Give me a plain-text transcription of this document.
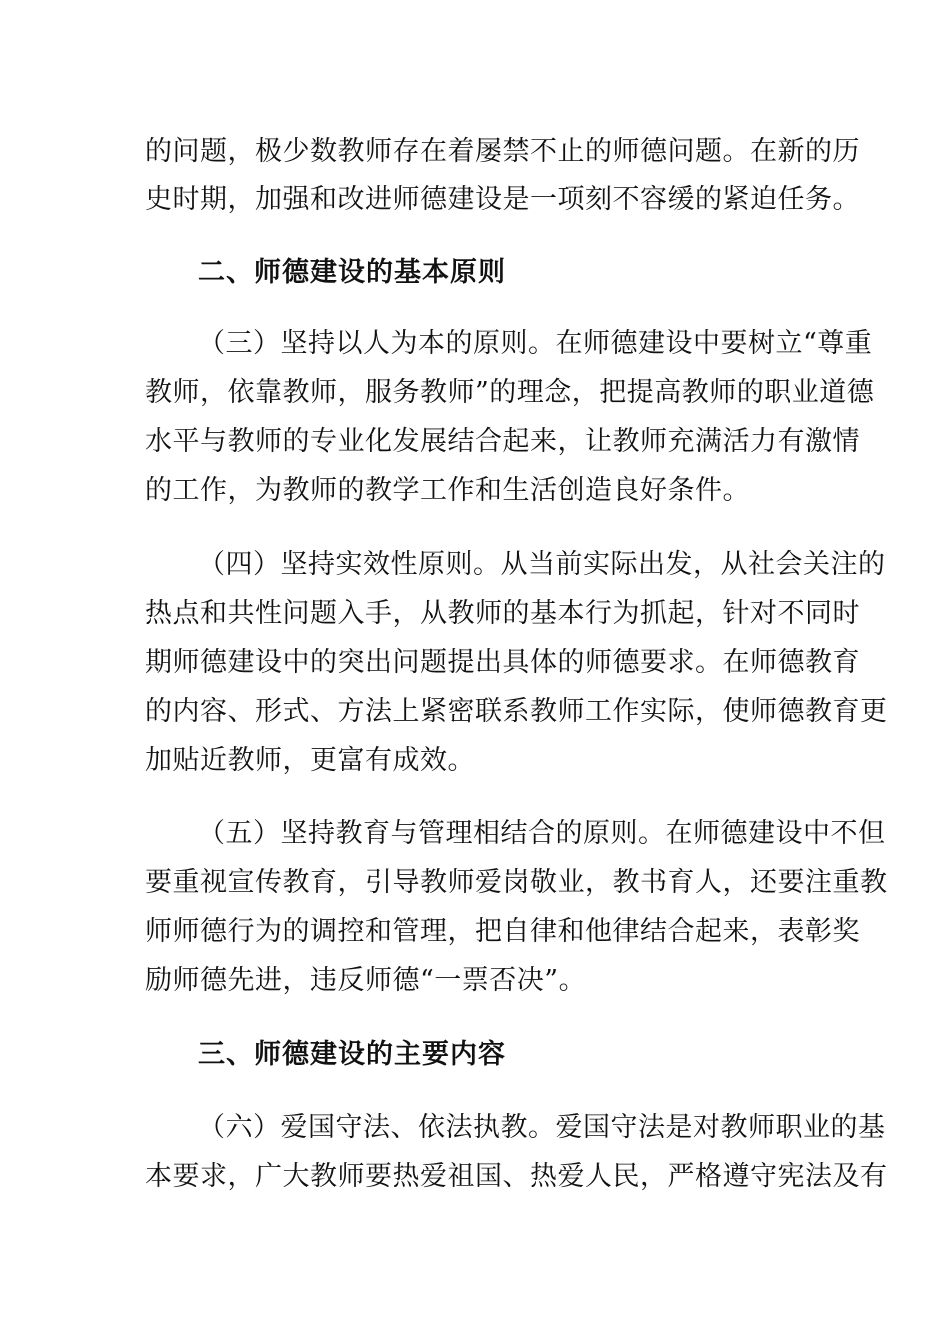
的问题，极少数教师存在着屡禁不止的师德问题。在新的历
史时期，加强和改进师德建设是一项刻不容缓的紧迫任务。
二、师德建设的基本原则
（三）坚持以人为本的原则。在师德建设中要树立“尊重
教师，依靠教师，服务教师”的理念，把提高教师的职业道德
水平与教师的专业化发展结合起来，让教师充满活力有激情
的工作，为教师的教学工作和生活创造良好条件。
（四）坚持实效性原则。从当前实际出发，从社会关注的
热点和共性问题入手，从教师的基本行为抓起，针对不同时
期师德建设中的突出问题提出具体的师德要求。在师德教育
的内容、形式、方法上紧密联系教师工作实际，使师德教育更
加贴近教师，更富有成效。
（五）坚持教育与管理相结合的原则。在师德建设中不但
要重视宣传教育，引导教师爱岗敬业，教书育人，还要注重教
师师德行为的调控和管理，把自律和他律结合起来，表彰奖
励师德先进，违反师德“一票否决”。
三、师德建设的主要内容
（六）爱国守法、依法执教。爱国守法是对教师职业的基
本要求，广大教师要热爱祖国、热爱人民，严格遵守宪法及有
